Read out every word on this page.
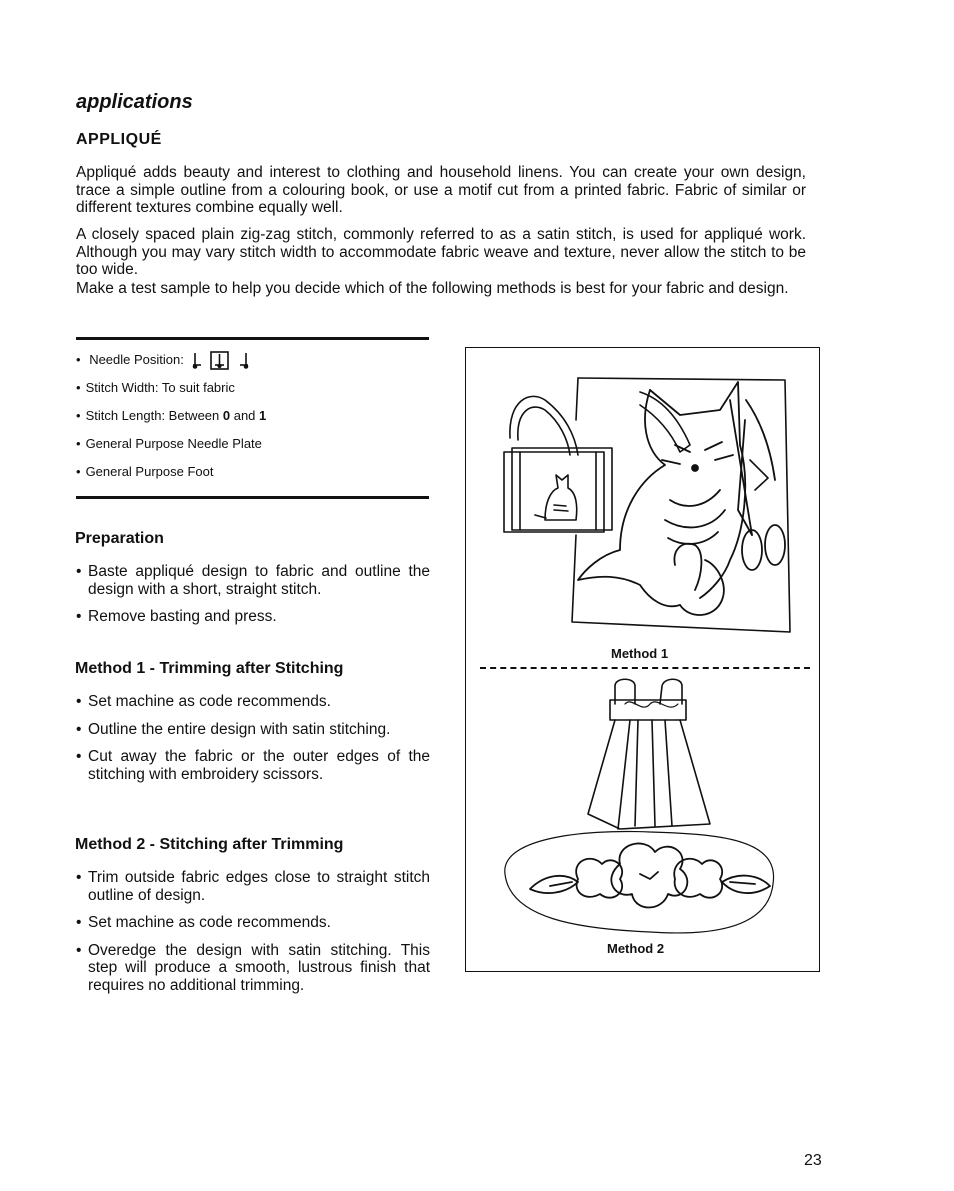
applications
APPLIQUÉ

Appliqué adds beauty and interest to clothing and household linens. You can create your own design, trace a simple outline from a colouring book, or use a motif cut from a printed fabric. Fabric of similar or different textures combine equally well.

A closely spaced plain zig-zag stitch, commonly referred to as a satin stitch, is used for appliqué work. Although you may vary stitch width to accommodate fabric weave and texture, never allow the stitch to be too wide.

Make a test sample to help you decide which of the following methods is best for your fabric and design.

• Needle Position:
• Stitch Width: To suit fabric
• Stitch Length: Between 0 and 1
• General Purpose Needle Plate
• General Purpose Foot
Preparation
• Baste appliqué design to fabric and outline the design with a short, straight stitch.
• Remove basting and press.
Method 1 - Trimming after Stitching
• Set machine as code recommends.
• Outline the entire design with satin stitching.
• Cut away the fabric or the outer edges of the stitching with embroidery scissors.
Method 2 - Stitching after Trimming
• Trim outside fabric edges close to straight stitch outline of design.
• Set machine as code recommends.
• Overedge the design with satin stitching. This step will produce a smooth, lustrous finish that requires no additional trimming.
Method 1
Method 2
23
